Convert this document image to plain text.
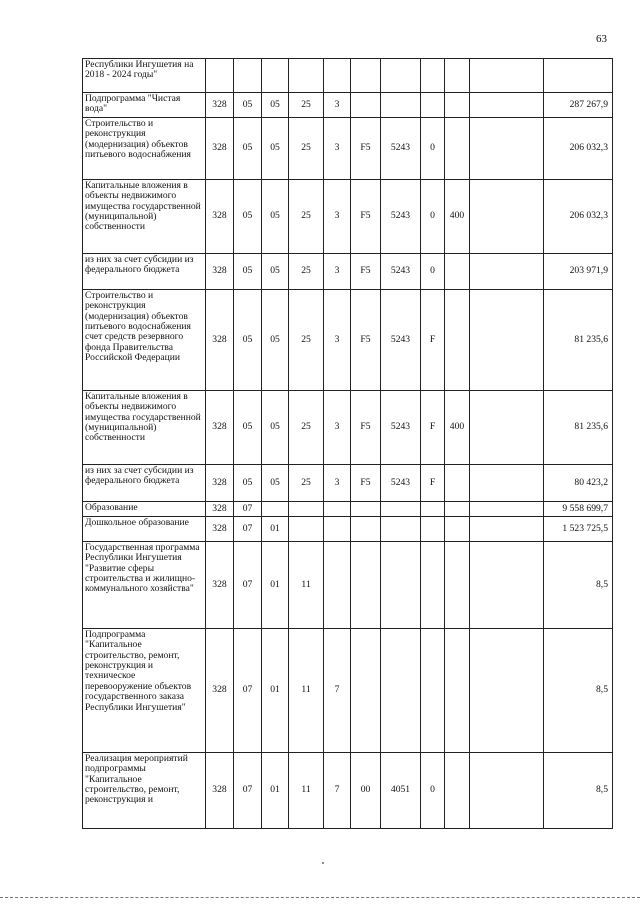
63
Республики Ингушетия на 2018 - 2024 годы"												
Подпрограмма "Чистая вода"	328	05	05	25	3						287 267,9	
Строительство и реконструкция (модернизация) объектов питьевого водоснабжения	328	05	05	25	3	F5	5243	0			206 032,3	
Капитальные вложения в объекты недвижимого имущества государственной (муниципальной) собственности	328	05	05	25	3	F5	5243	0	400		206 032,3	
из них за счет субсидии из федерального бюджета	328	05	05	25	3	F5	5243	0			203 971,9	
Строительство и реконструкция (модернизация) объектов питьевого водоснабжения счет средств резервного фонда Правительства Российской Федерации	328	05	05	25	3	F5	5243	F			81 235,6	
Капитальные вложения в объекты недвижимого имущества государственной (муниципальной) собственности	328	05	05	25	3	F5	5243	F	400		81 235,6	
из них за счет субсидии из федерального бюджета	328	05	05	25	3	F5	5243	F			80 423,2	
Образование	328	07									9 558 699,7	
Дошкольное образование	328	07	01								1 523 725,5	
Государственная программа Республики Ингушетия "Развитие сферы строительства и жилищно-коммунального хозяйства"	328	07	01	11							8,5	
Подпрограмма "Капитальное строительство, ремонт, реконструкция и техническое перевооружение объектов государственного заказа Республики Ингушетия"	328	07	01	11	7						8,5	
Реализация мероприятий подпрограммы "Капитальное строительство, ремонт, реконструкция и	328	07	01	11	7	00	4051	0			8,5	
